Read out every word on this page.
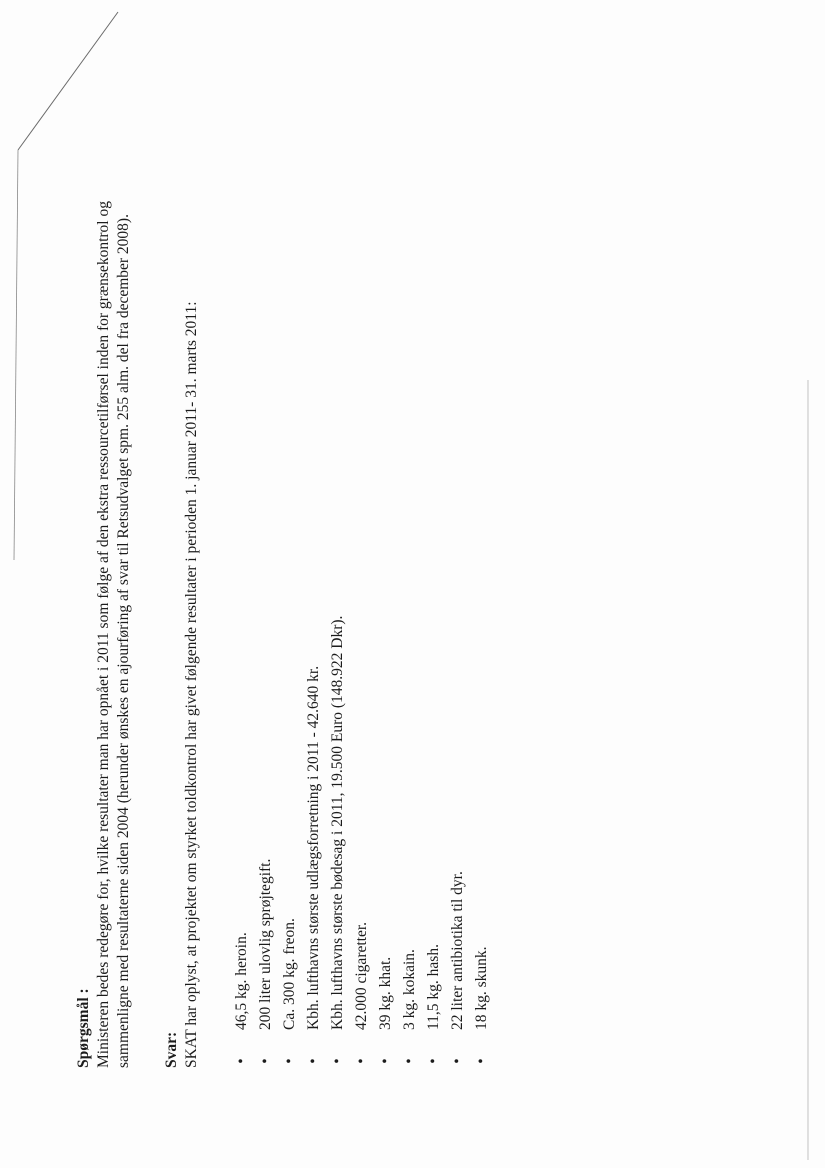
Spørgsmål : Ministeren bedes redegøre for, hvilke resultater man har opnået i 2011 som følge af den ekstra ressourcetilførsel inden for grænsekontrol og sammenligne med resultaterne siden 2004 (herunder ønskes en ajourføring af svar til Retsudvalget spm. 255 alm. del fra december 2008). Svar: SKAT har oplyst, at projektet om styrket toldkontrol har givet følgende resultater i perioden 1. januar 2011- 31. marts 2011: •
46,5 kg. heroin.
•
200 liter ulovlig sprøjtegift.
•
Ca. 300 kg. freon.
•
Kbh. lufthavns største udlægsforretning i 2011 - 42.640 kr.
•
Kbh. lufthavns største bødesag i 2011, 19.500 Euro (148.922 Dkr).
•
42.000 cigaretter.
•
39 kg. khat.
•
3 kg. kokain.
•
11,5 kg. hash.
•
22 liter antibiotika til dyr.
•
18 kg. skunk.
